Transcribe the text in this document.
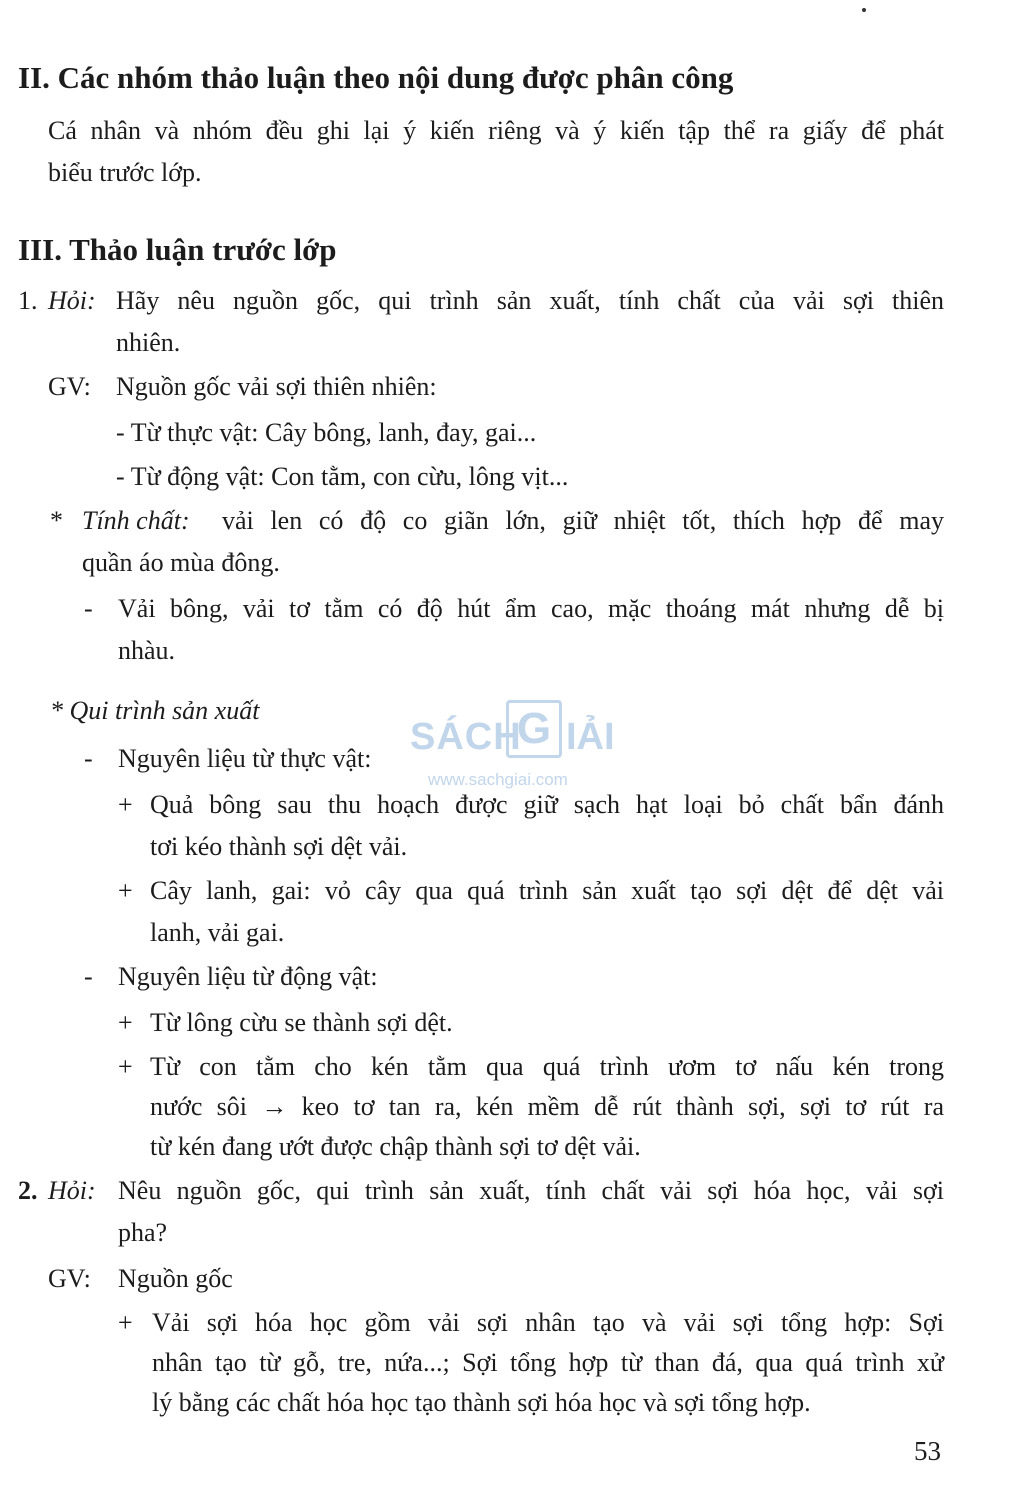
II. Các nhóm thảo luận theo nội dung được phân công
Cá nhân và nhóm đều ghi lại ý kiến riêng và ý kiến tập thể ra giấy để phát
biểu trước lớp.
III. Thảo luận trước lớp
1. Hỏi: Hãy nêu nguồn gốc, qui trình sản xuất, tính chất của vải sợi thiên
nhiên.
GV: Nguồn gốc vải sợi thiên nhiên:
- Từ thực vật: Cây bông, lanh, đay, gai...
- Từ động vật: Con tằm, con cừu, lông vịt...
* Tính chất: vải len có độ co giãn lớn, giữ nhiệt tốt, thích hợp để may
quần áo mùa đông.
- Vải bông, vải tơ tằm có độ hút ẩm cao, mặc thoáng mát nhưng dễ bị
nhàu.
* Qui trình sản xuất
- Nguyên liệu từ thực vật:
+ Quả bông sau thu hoạch được giữ sạch hạt loại bỏ chất bẩn đánh
tơi kéo thành sợi dệt vải.
+ Cây lanh, gai: vỏ cây qua quá trình sản xuất tạo sợi dệt để dệt vải
lanh, vải gai.
- Nguyên liệu từ động vật:
+ Từ lông cừu se thành sợi dệt.
+ Từ con tằm cho kén tằm qua quá trình ươm tơ nấu kén trong
nước sôi → keo tơ tan ra, kén mềm dễ rút thành sợi, sợi tơ rút ra
từ kén đang ướt được chập thành sợi tơ dệt vải.
2. Hỏi: Nêu nguồn gốc, qui trình sản xuất, tính chất vải sợi hóa học, vải sợi
pha?
GV: Nguồn gốc
+ Vải sợi hóa học gồm vải sợi nhân tạo và vải sợi tổng hợp: Sợi
nhân tạo từ gỗ, tre, nứa...; Sợi tổng hợp từ than đá, qua quá trình xử
lý bằng các chất hóa học tạo thành sợi hóa học và sợi tổng hợp.
SÁCH
G IẢI
www.sachgiai.com
53
